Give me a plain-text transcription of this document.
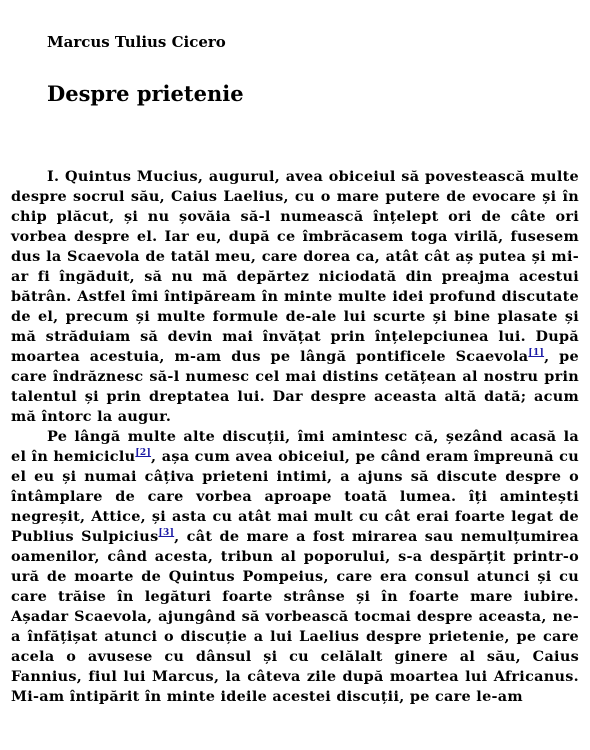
Marcus Tulius Cicero
Despre prietenie

I. Quintus Mucius, augurul, avea obiceiul să povestească multe despre socrul său, Caius Laelius, cu o mare putere de evocare și în chip plăcut, și nu șovăia să-l numească înțelept ori de câte ori vorbea despre el. Iar eu, după ce îmbrăcasem toga virilă, fusesem dus la Scaevola de tatăl meu, care dorea ca, atât cât aș putea și mi-ar fi îngăduit, să nu mă depărtez niciodată din preajma acestui bătrân. Astfel îmi întipăream în minte multe idei profund discutate de el, precum și multe formule de-ale lui scurte și bine plasate și mă străduiam să devin mai învățat prin înțelepciunea lui. După moartea acestuia, m-am dus pe lângă pontificele Scaevola[1], pe care îndrăznesc să-l numesc cel mai distins cetățean al nostru prin talentul și prin dreptatea lui. Dar despre aceasta altă dată; acum mă întorc la augur.

Pe lângă multe alte discuții, îmi amintesc că, șezând acasă la el în hemiciclu[2], așa cum avea obiceiul, pe când eram împreună cu el eu și numai câțiva prieteni intimi, a ajuns să discute despre o întâmplare de care vorbea aproape toată lumea. îți amintești negreșit, Attice, și asta cu atât mai mult cu cât erai foarte legat de Publius Sulpicius[3], cât de mare a fost mirarea sau nemulțumirea oamenilor, când acesta, tribun al poporului, s-a despărțit printr-o ură de moarte de Quintus Pompeius, care era consul atunci și cu care trăise în legături foarte strânse și în foarte mare iubire. Așadar Scaevola, ajungând să vorbească tocmai despre aceasta, ne-a înfățișat atunci o discuție a lui Laelius despre prietenie, pe care acela o avusese cu dânsul și cu celălalt ginere al său, Caius Fannius, fiul lui Marcus, la câteva zile după moartea lui Africanus. Mi-am întipărit în minte ideile acestei discuții, pe care le-am
